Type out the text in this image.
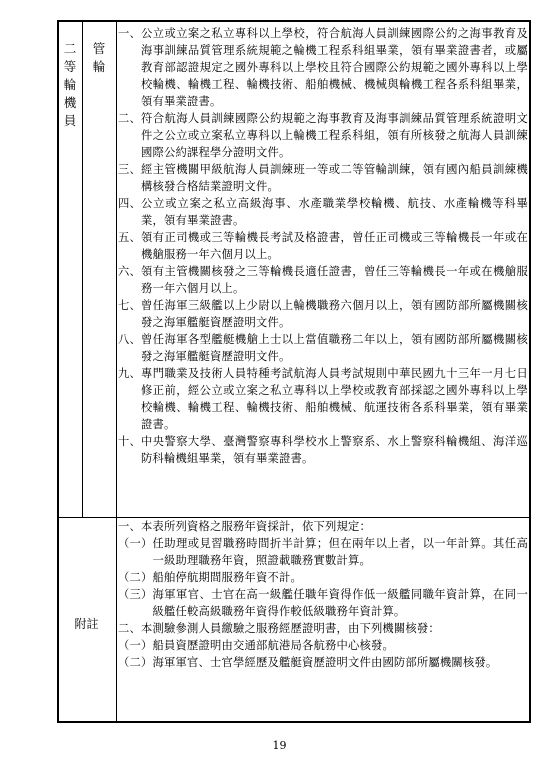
二
等
輪
機
員
管
輪
一、 公立或立案之私立專科以上學校，符合航海人員訓練國際公約之海事教育及海事訓練品質管理系統規範之輪機工程系科組畢業，領有畢業證書者，或屬教育部認證規定之國外專科以上學校且符合國際公約規範之國外專科以上學校輪機、輪機工程、輪機技術、船舶機械、機械與輪機工程各系科組畢業，領有畢業證書。
二、 符合航海人員訓練國際公約規範之海事教育及海事訓練品質管理系統證明文件之公立或立案私立專科以上輪機工程系科組，領有所核發之航海人員訓練國際公約課程學分證明文件。
三、 經主管機關甲級航海人員訓練班一等或二等管輪訓練，領有國內船員訓練機構核發合格結業證明文件。
四、 公立或立案之私立高級海事、水產職業學校輪機、航技、水產輪機等科畢業，領有畢業證書。
五、 領有正司機或三等輪機長考試及格證書，曾任正司機或三等輪機長一年或在機艙服務一年六個月以上。
六、 領有主管機關核發之三等輪機長適任證書，曾任三等輪機長一年或在機艙服務一年六個月以上。
七、 曾任海軍三級艦以上少尉以上輪機職務六個月以上，領有國防部所屬機關核發之海軍艦艇資歷證明文件。
八、 曾任海軍各型艦艇機艙上士以上當值職務二年以上，領有國防部所屬機關核發之海軍艦艇資歷證明文件。
九、 專門職業及技術人員特種考試航海人員考試規則中華民國九十三年一月七日修正前，經公立或立案之私立專科以上學校或教育部採認之國外專科以上學校輪機、輪機工程、輪機技術、船舶機械、航運技術各系科畢業，領有畢業證書。
十、 中央警察大學、臺灣警察專科學校水上警察系、水上警察科輪機組、海洋巡防科輪機組畢業，領有畢業證書。
附註
一、 本表所列資格之服務年資採計，依下列規定：
（一） 任助理或見習職務時間折半計算；但在兩年以上者，以一年計算。其任高一級助理職務年資，照證載職務實數計算。
（二） 船舶停航期間服務年資不計。
（三） 海軍軍官、士官在高一級艦任職年資得作低一級艦同職年資計算，在同一級艦任較高級職務年資得作較低級職務年資計算。
二、 本測驗參測人員繳驗之服務經歷證明書，由下列機關核發：
（一） 船員資歷證明由交通部航港局各航務中心核發。
（二） 海軍軍官、士官學經歷及艦艇資歷證明文件由國防部所屬機關核發。
19
